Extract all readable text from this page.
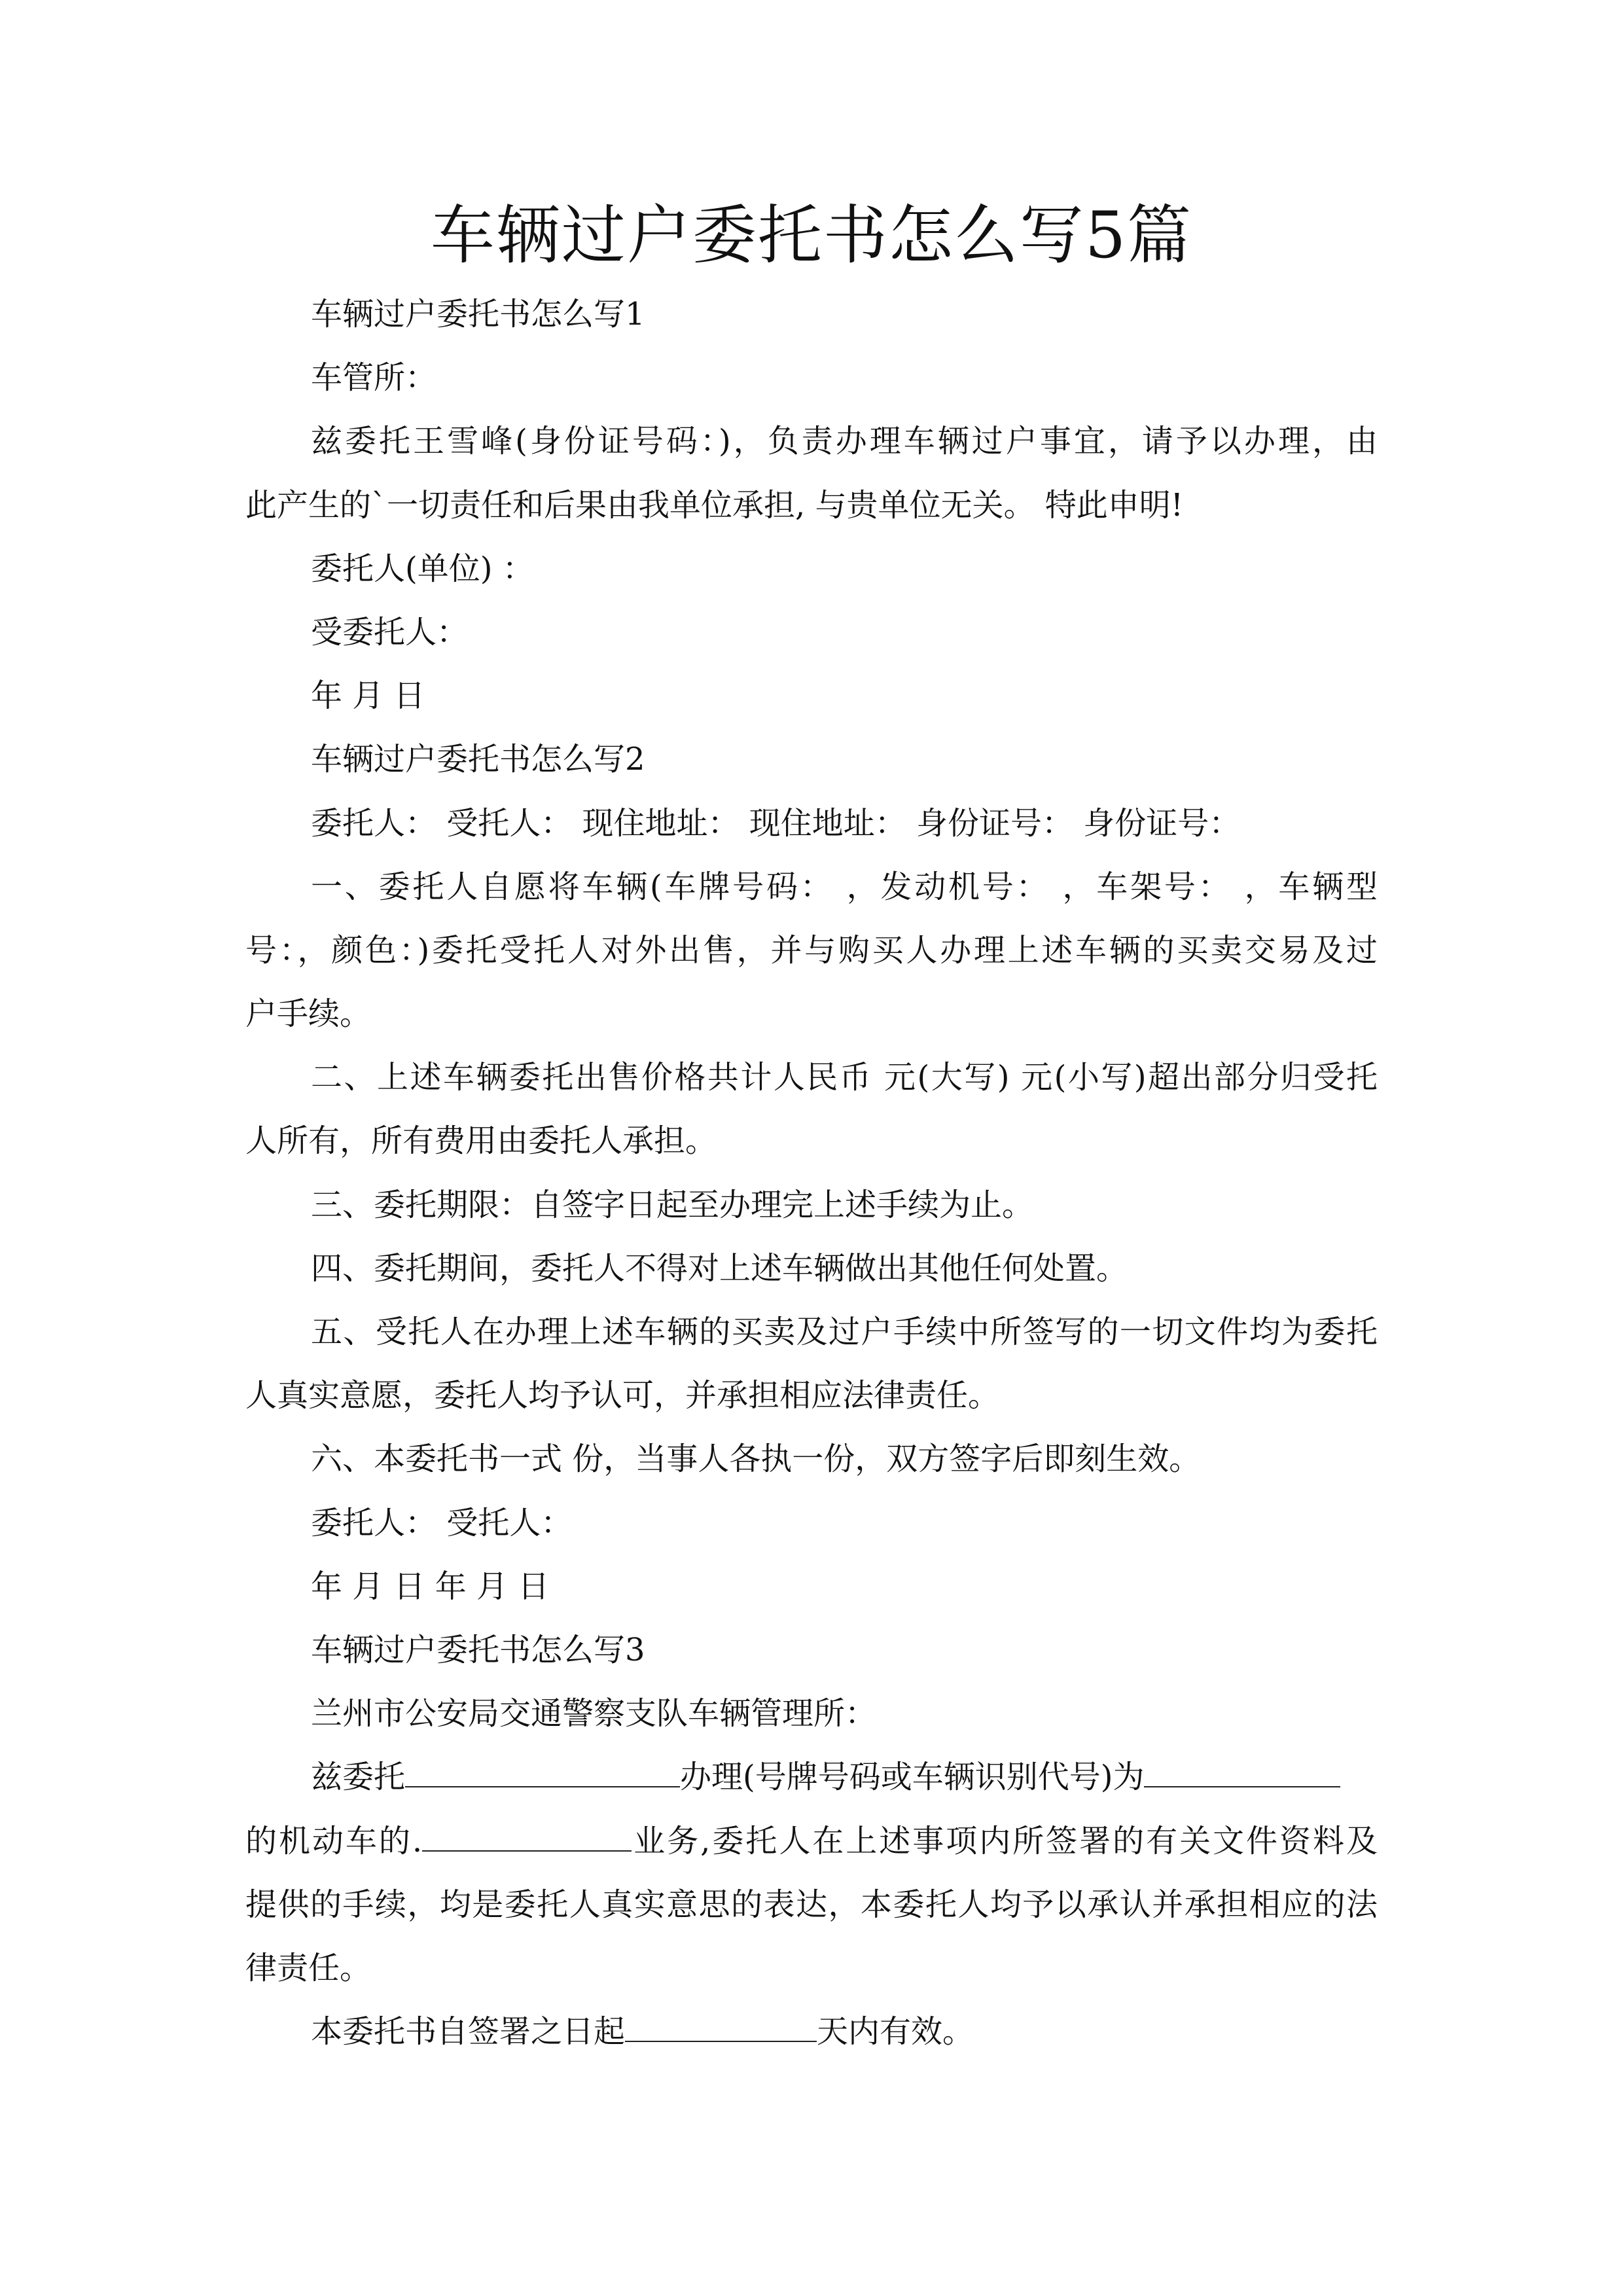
车辆过户委托书怎么写5篇
车辆过户委托书怎么写1
车管所：
兹委托王雪峰(身份证号码：)，负责办理车辆过户事宜，请予以办理，由
此产生的`一切责任和后果由我单位承担, 与贵单位无关。 特此申明!
委托人(单位) ：
受委托人：
年 月 日
车辆过户委托书怎么写2
委托人： 受托人： 现住地址： 现住地址： 身份证号： 身份证号：
一、委托人自愿将车辆(车牌号码： ，发动机号： ，车架号： ，车辆型
号：，颜色：)委托受托人对外出售，并与购买人办理上述车辆的买卖交易及过
户手续。
二、上述车辆委托出售价格共计人民币 元(大写) 元(小写)超出部分归受托
人所有，所有费用由委托人承担。
三、委托期限：自签字日起至办理完上述手续为止。
四、委托期间，委托人不得对上述车辆做出其他任何处置。
五、受托人在办理上述车辆的买卖及过户手续中所签写的一切文件均为委托
人真实意愿，委托人均予认可，并承担相应法律责任。
六、本委托书一式 份，当事人各执一份，双方签字后即刻生效。
委托人： 受托人：
年 月 日 年 月 日
车辆过户委托书怎么写3
兰州市公安局交通警察支队车辆管理所：
兹委托	办理(号牌号码或车辆识别代号)为
的机动车的.	业务,委托人在上述事项内所签署的有关文件资料及
提供的手续，均是委托人真实意思的表达，本委托人均予以承认并承担相应的法
律责任。
本委托书自签署之日起	天内有效。
